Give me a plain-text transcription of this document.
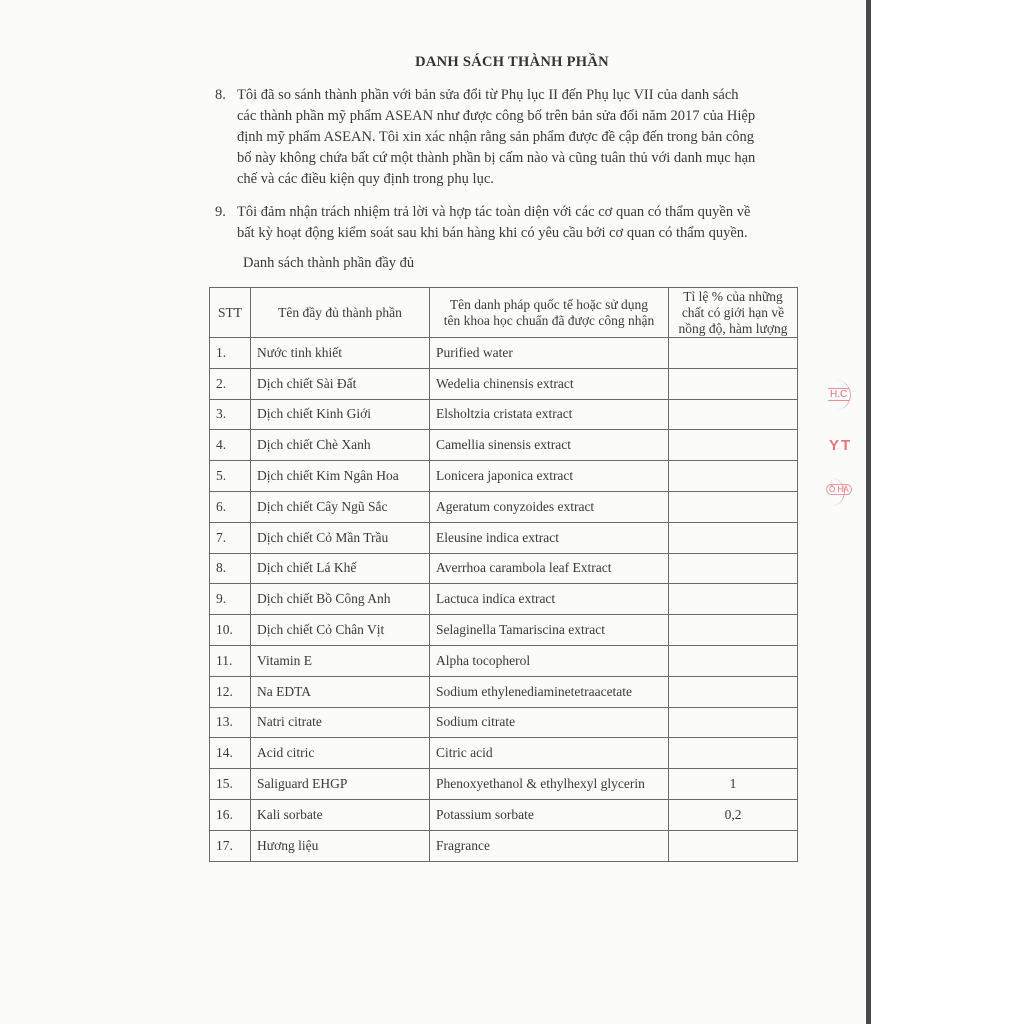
DANH SÁCH THÀNH PHẦN
8. Tôi đã so sánh thành phần với bản sửa đổi từ Phụ lục II đến Phụ lục VII của danh sách
các thành phần mỹ phẩm ASEAN như được công bố trên bản sửa đổi năm 2017 của Hiệp
định mỹ phẩm ASEAN. Tôi xin xác nhận rằng sản phẩm được đề cập đến trong bản công
bố này không chứa bất cứ một thành phần bị cấm nào và cũng tuân thủ với danh mục hạn
chế và các điều kiện quy định trong phụ lục.
9. Tôi đảm nhận trách nhiệm trả lời và hợp tác toàn diện với các cơ quan có thẩm quyền về
bất kỳ hoạt động kiểm soát sau khi bán hàng khi có yêu cầu bởi cơ quan có thẩm quyền.
Danh sách thành phần đầy đủ
STT	Tên đầy đủ thành phần	Tên danh pháp quốc tế hoặc sử dụng
tên khoa học chuẩn đã được công nhận	Tỉ lệ % của những
chất có giới hạn về
nồng độ, hàm lượng
1.	Nước tinh khiết	Purified water	
2.	Dịch chiết Sài Đất	Wedelia chinensis extract	
3.	Dịch chiết Kinh Giới	Elsholtzia cristata extract	
4.	Dịch chiết Chè Xanh	Camellia sinensis extract	
5.	Dịch chiết Kim Ngân Hoa	Lonicera japonica extract	
6.	Dịch chiết Cây Ngũ Sắc	Ageratum conyzoides extract	
7.	Dịch chiết Cỏ Mần Trầu	Eleusine indica extract	
8.	Dịch chiết Lá Khế	Averrhoa carambola leaf Extract	
9.	Dịch chiết Bồ Công Anh	Lactuca indica extract	
10.	Dịch chiết Cỏ Chân Vịt	Selaginella Tamariscina extract	
11.	Vitamin E	Alpha tocopherol	
12.	Na EDTA	Sodium ethylenediaminetetraacetate	
13.	Natri citrate	Sodium citrate	
14.	Acid citric	Citric acid	
15.	Saliguard EHGP	Phenoxyethanol & ethylhexyl glycerin	1
16.	Kali sorbate	Potassium sorbate	0,2
17.	Hương liệu	Fragrance	
H.C
YT
Ồ HÀ
